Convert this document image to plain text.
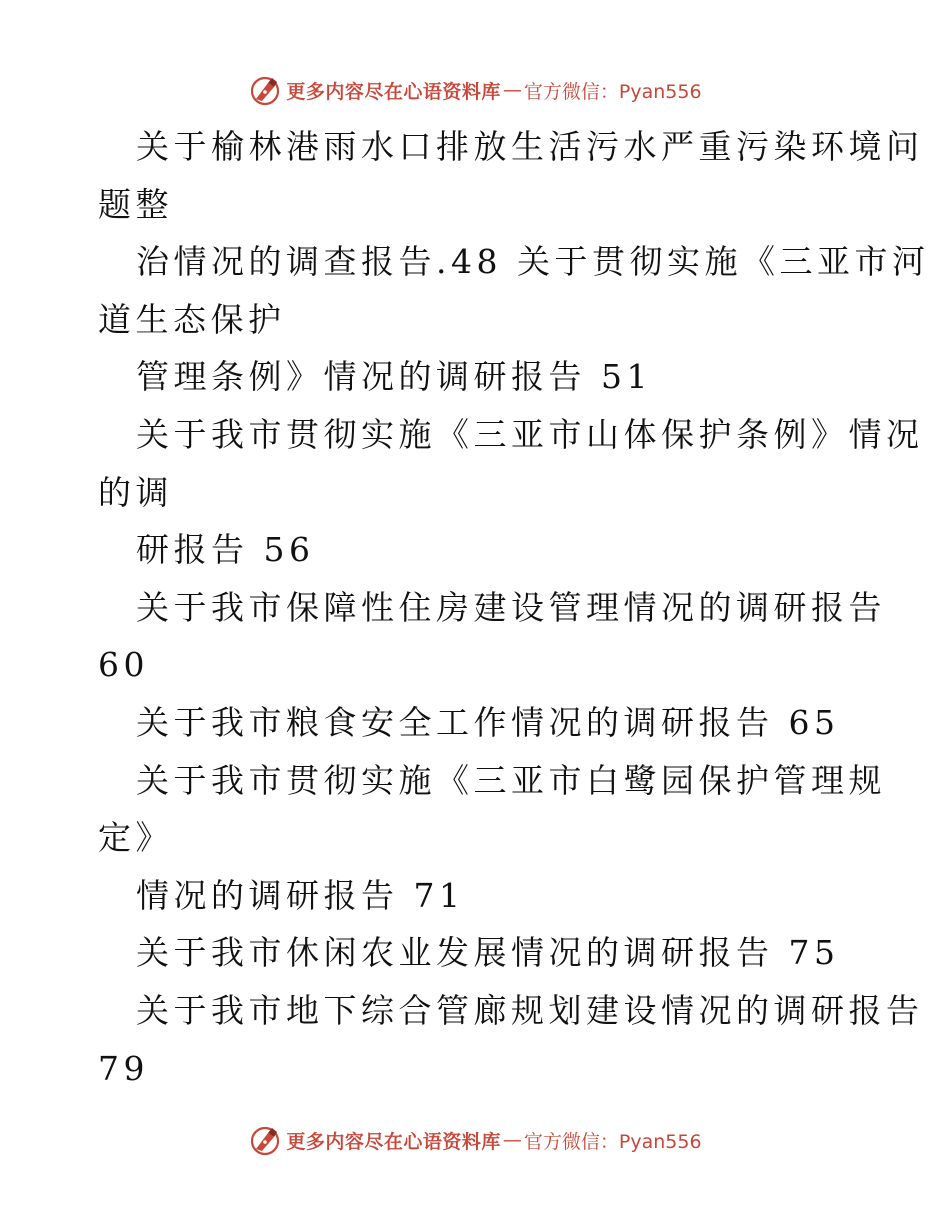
更多内容尽在心语资料库 — 官方微信：Pyan556
关于榆林港雨水口排放生活污水严重污染环境问
题整
治情况的调查报告.48 关于贯彻实施《三亚市河
道生态保护
管理条例》情况的调研报告 51
关于我市贯彻实施《三亚市山体保护条例》情况
的调
研报告 56
关于我市保障性住房建设管理情况的调研报告
60
关于我市粮食安全工作情况的调研报告 65
关于我市贯彻实施《三亚市白鹭园保护管理规
定》
情况的调研报告 71
关于我市休闲农业发展情况的调研报告 75
关于我市地下综合管廊规划建设情况的调研报告
79
更多内容尽在心语资料库 — 官方微信：Pyan556
